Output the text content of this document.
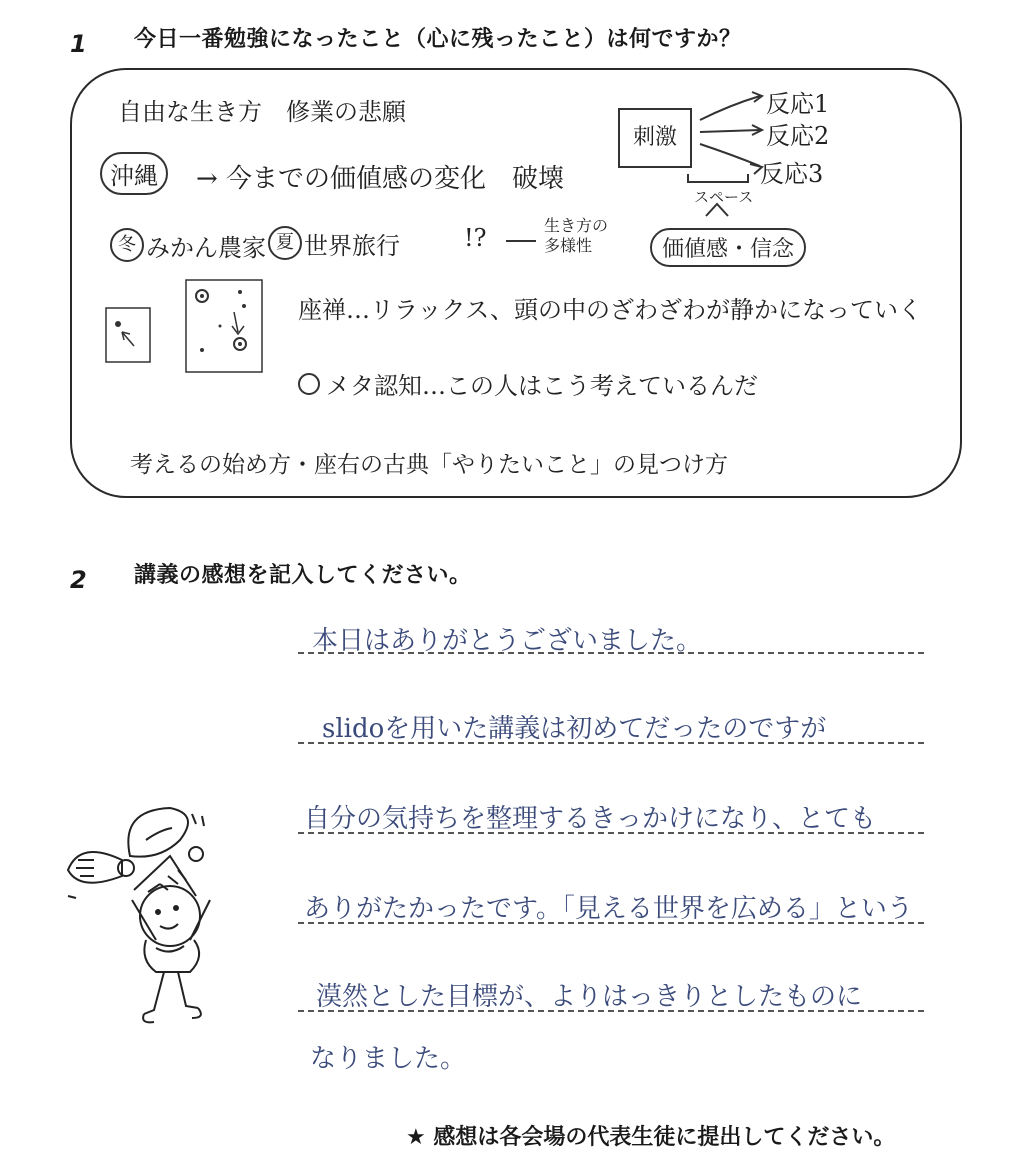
1 今日一番勉強になったこと（心に残ったこと）は何ですか？
自由な生き方　修業の悲願
沖縄	→ 今までの価値感の変化　破壊
刺激
反応1
反応2
反応3
スペース
冬 みかん農家 夏 世界旅行	!?	生き方の 多様性	価値感・信念
座禅…リラックス、頭の中のざわざわが静かになっていく
メタ認知…この人はこう考えているんだ
考えるの始め方・座右の古典「やりたいこと」の見つけ方
2 講義の感想を記入してください。
本日はありがとうございました。
slidoを用いた講義は初めてだったのですが
自分の気持ちを整理するきっかけになり、とても
ありがたかったです。「見える世界を広める」という
漠然とした目標が、よりはっきりとしたものに
なりました。
★ 感想は各会場の代表生徒に提出してください。
